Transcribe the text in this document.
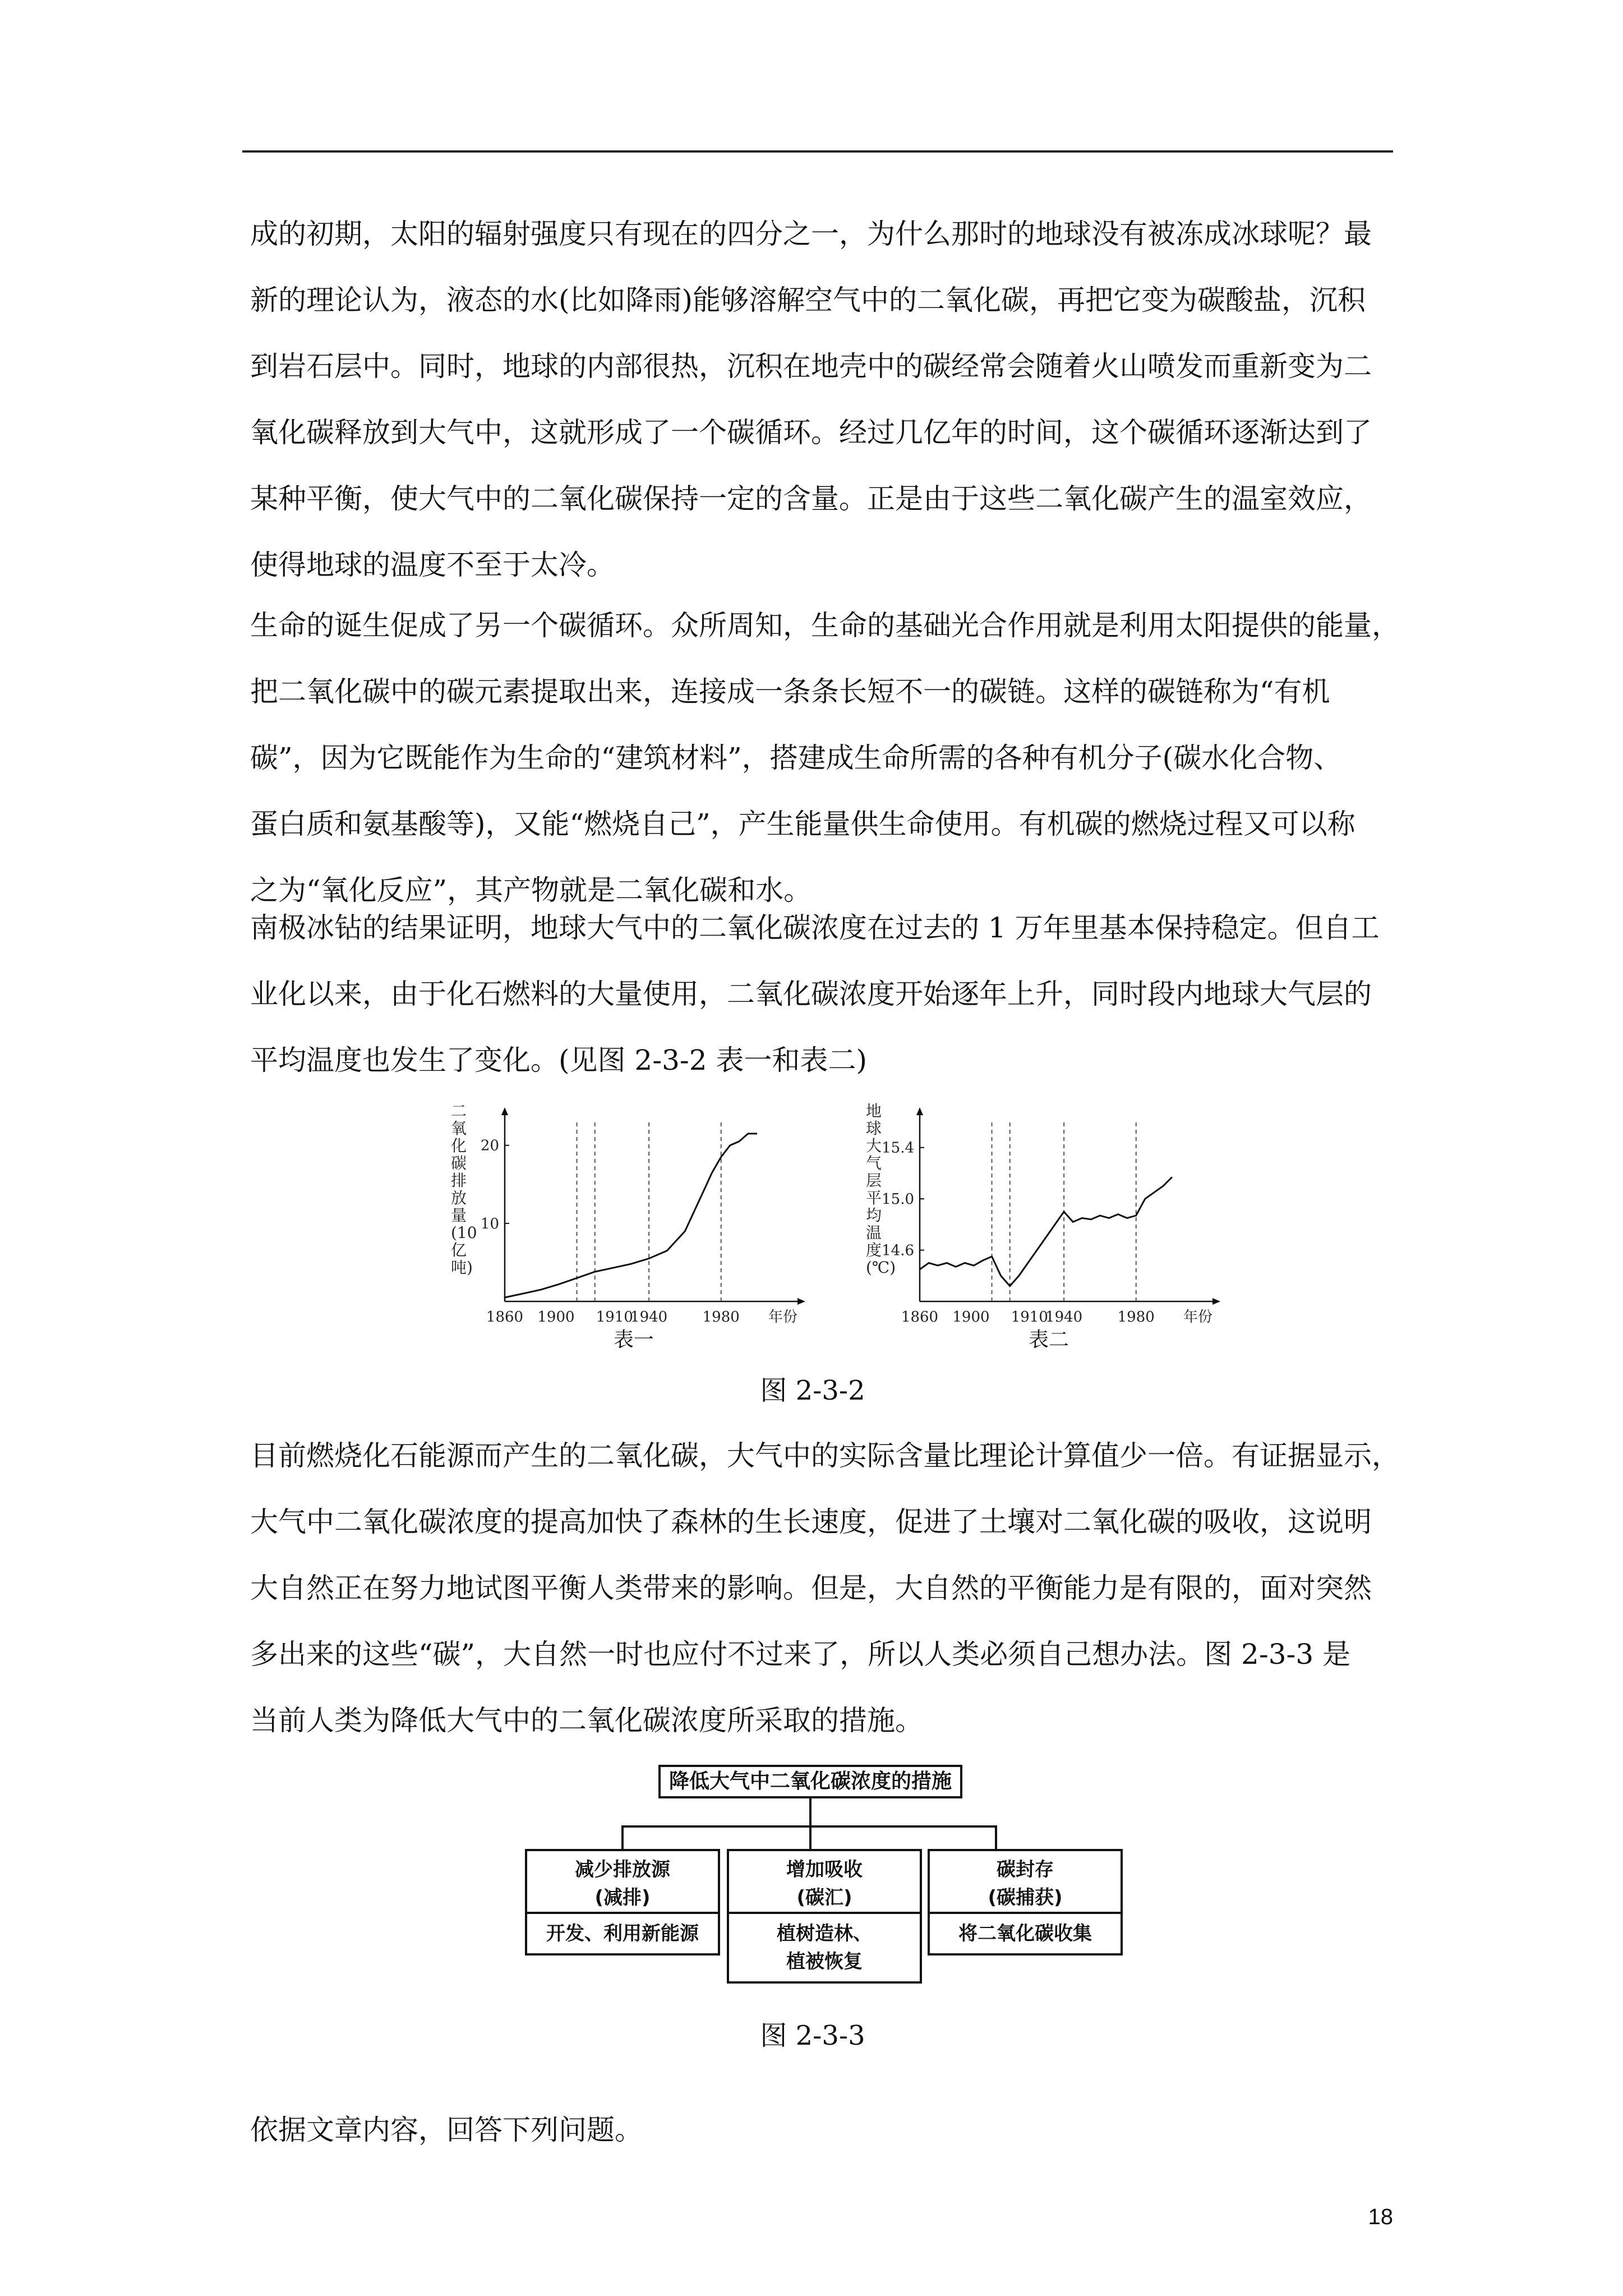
成的初期，太阳的辐射强度只有现在的四分之一，为什么那时的地球没有被冻成冰球呢？最
新的理论认为，液态的水(比如降雨)能够溶解空气中的二氧化碳，再把它变为碳酸盐，沉积
到岩石层中。同时，地球的内部很热，沉积在地壳中的碳经常会随着火山喷发而重新变为二
氧化碳释放到大气中，这就形成了一个碳循环。经过几亿年的时间，这个碳循环逐渐达到了
某种平衡，使大气中的二氧化碳保持一定的含量。正是由于这些二氧化碳产生的温室效应，
使得地球的温度不至于太冷。

生命的诞生促成了另一个碳循环。众所周知，生命的基础光合作用就是利用太阳提供的能量，
把二氧化碳中的碳元素提取出来，连接成一条条长短不一的碳链。这样的碳链称为“有机
碳”，因为它既能作为生命的“建筑材料”，搭建成生命所需的各种有机分子(碳水化合物、
蛋白质和氨基酸等)，又能“燃烧自己”，产生能量供生命使用。有机碳的燃烧过程又可以称
之为“氧化反应”，其产物就是二氧化碳和水。

南极冰钻的结果证明，地球大气中的二氧化碳浓度在过去的 1 万年里基本保持稳定。但自工
业化以来，由于化石燃料的大量使用，二氧化碳浓度开始逐年上升，同时段内地球大气层的
平均温度也发生了变化。(见图 2-3-2 表一和表二)

二
氧
化
碳
排
放
量
(10
亿
吨)
10
20
1860 1900 1910
1940 1980 年份
表一
地
球
大
气
层
平
均
温
度
(℃)
14.6
15.0
15.4
1860 1900 1910
1940 1980 年份
表二

图 2-3-2

目前燃烧化石能源而产生的二氧化碳，大气中的实际含量比理论计算值少一倍。有证据显示，
大气中二氧化碳浓度的提高加快了森林的生长速度，促进了土壤对二氧化碳的吸收，这说明
大自然正在努力地试图平衡人类带来的影响。但是，大自然的平衡能力是有限的，面对突然
多出来的这些“碳”，大自然一时也应付不过来了，所以人类必须自己想办法。图 2-3-3 是
当前人类为降低大气中的二氧化碳浓度所采取的措施。

降低大气中二氧化碳浓度的措施
减少排放源
(减排)
开发、利用新能源
增加吸收
(碳汇)
植树造林、
植被恢复
碳封存
(碳捕获)
将二氧化碳收集

图 2-3-3

依据文章内容，回答下列问题。

18
